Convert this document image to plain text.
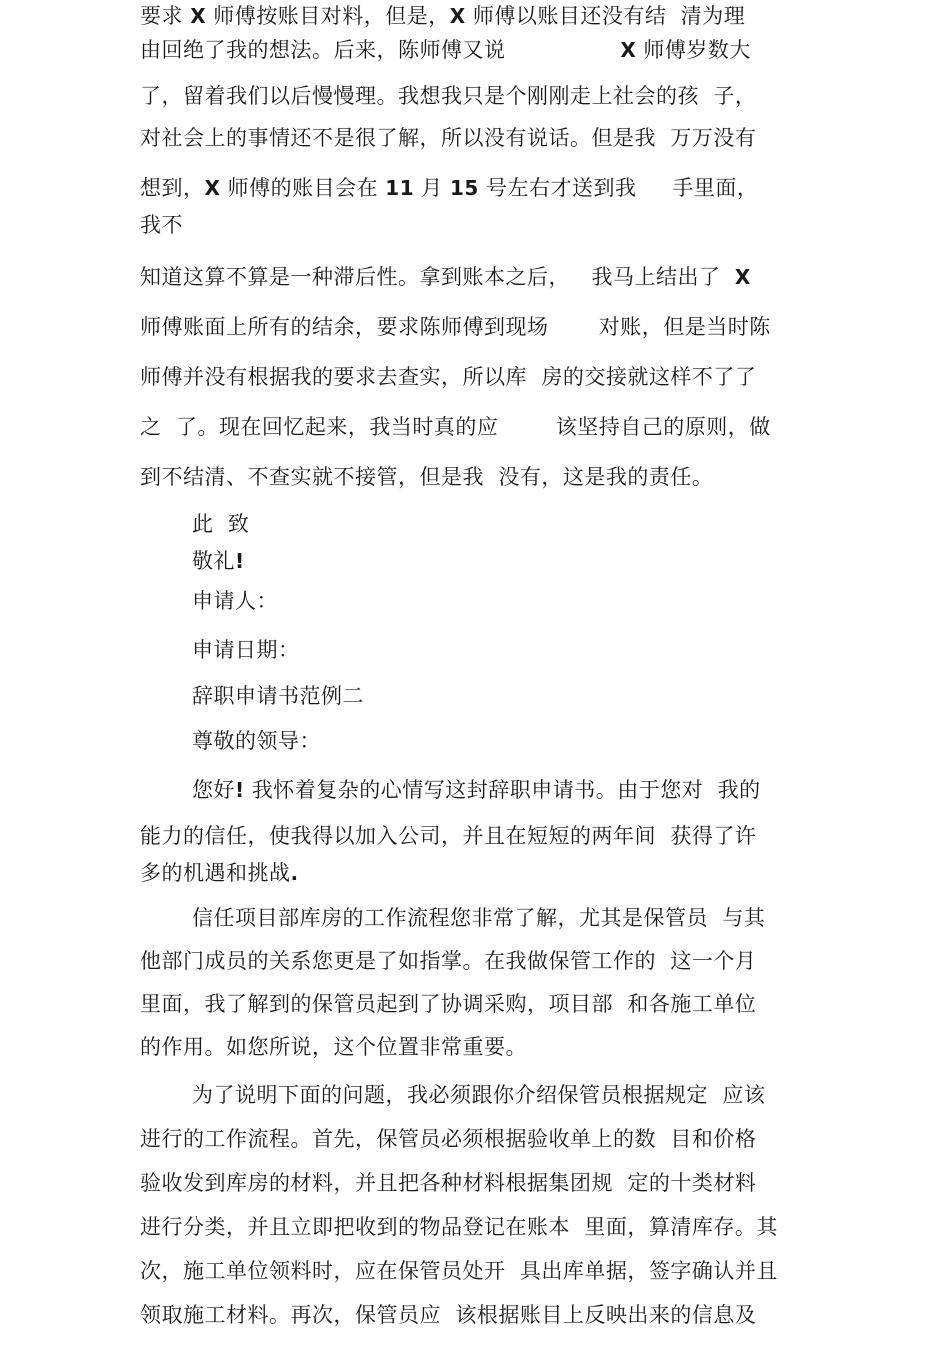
要求 X 师傅按账目对料，但是，X 师傅以账目还没有结  清为理
由回绝了我的想法。后来，陈师傅又说                X 师傅岁数大
了，留着我们以后慢慢理。我想我只是个刚刚走上社会的孩  子，
对社会上的事情还不是很了解，所以没有说话。但是我  万万没有
想到，X 师傅的账目会在 11 月 15 号左右才送到我     手里面，
我不
知道这算不算是一种滞后性。拿到账本之后，   我马上结出了  X
师傅账面上所有的结余，要求陈师傅到现场       对账，但是当时陈
师傅并没有根据我的要求去查实，所以库  房的交接就这样不了了
之  了。现在回忆起来，我当时真的应        该坚持自己的原则，做
到不结清、不查实就不接管，但是我  没有，这是我的责任。
此  致
敬礼!
申请人：
申请日期：
辞职申请书范例二
尊敬的领导：
您好! 我怀着复杂的心情写这封辞职申请书。由于您对  我的
能力的信任，使我得以加入公司，并且在短短的两年间  获得了许
多的机遇和挑战.
信任项目部库房的工作流程您非常了解，尤其是保管员  与其
他部门成员的关系您更是了如指掌。在我做保管工作的  这一个月
里面，我了解到的保管员起到了协调采购，项目部  和各施工单位
的作用。如您所说，这个位置非常重要。
为了说明下面的问题，我必须跟你介绍保管员根据规定  应该
进行的工作流程。首先，保管员必须根据验收单上的数  目和价格
验收发到库房的材料，并且把各种材料根据集团规  定的十类材料
进行分类，并且立即把收到的物品登记在账本  里面，算清库存。其
次，施工单位领料时，应在保管员处开  具出库单据，签字确认并且
领取施工材料。再次，保管员应  该根据账目上反映出来的信息及
